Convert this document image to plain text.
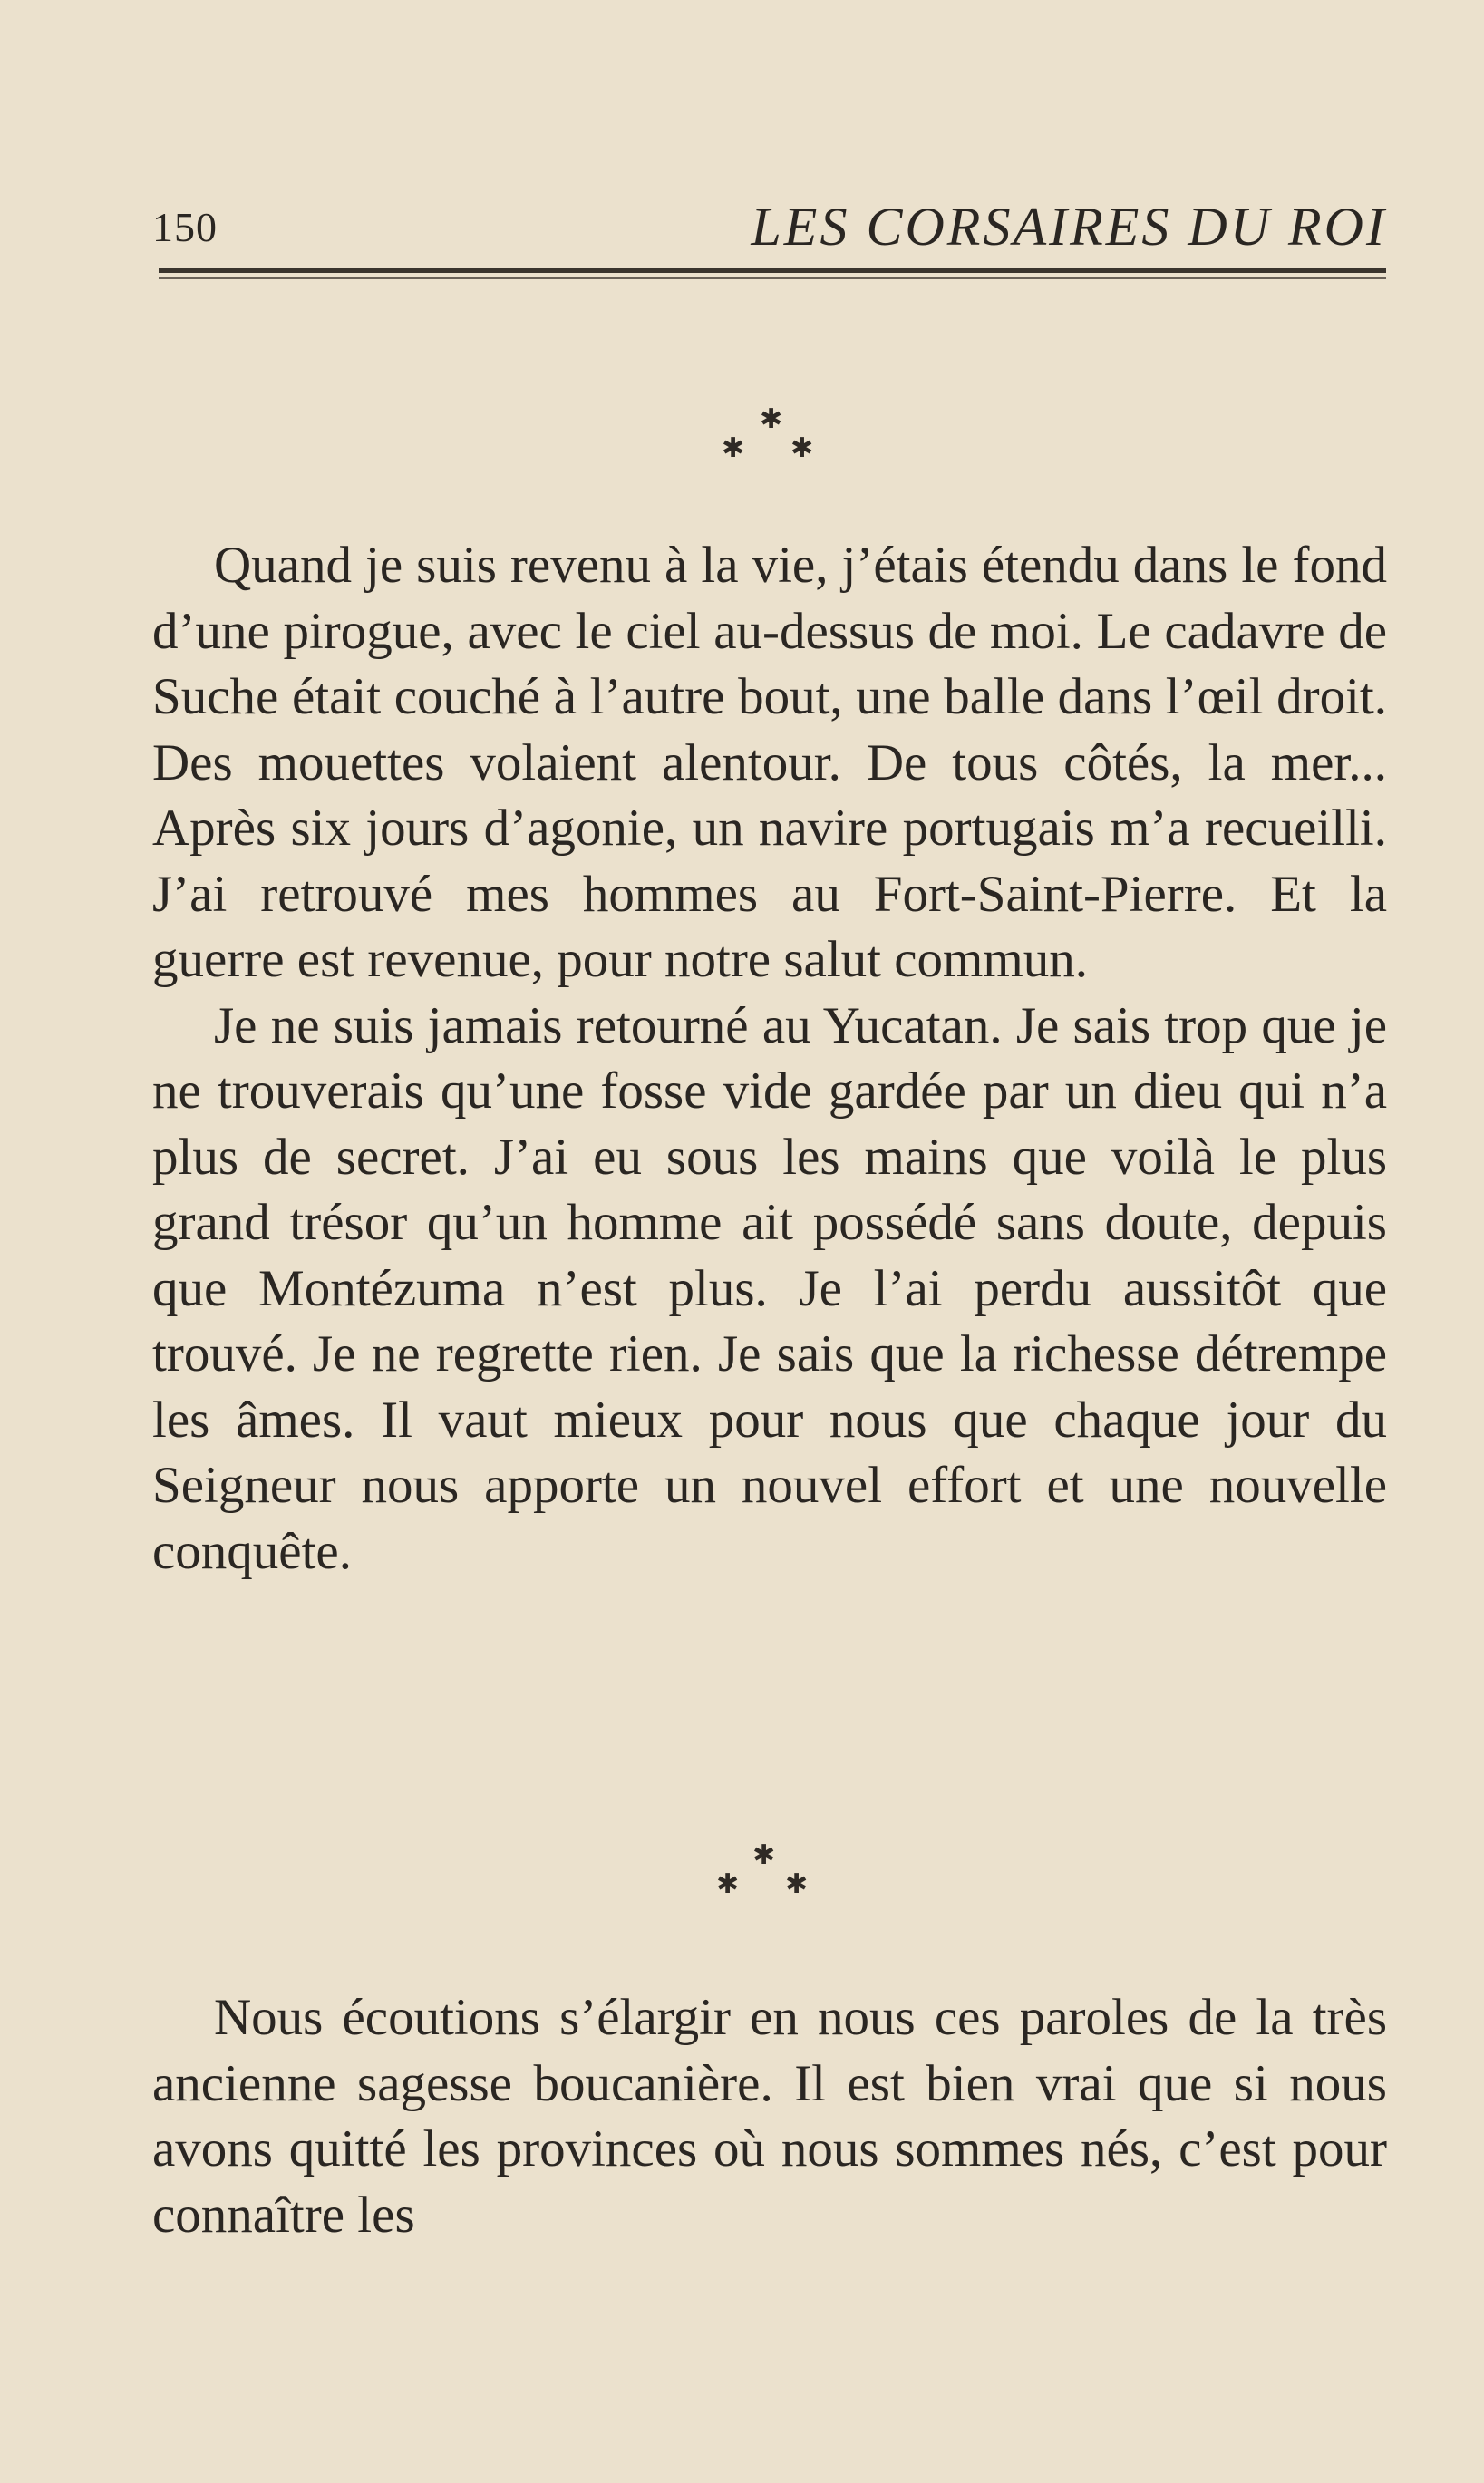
150	LES CORSAIRES DU ROI
✱
✱ ✱

Quand je suis revenu à la vie, j’étais étendu dans le fond d’une pirogue, avec le ciel au-dessus de moi. Le cadavre de Suche était couché à l’autre bout, une balle dans l’œil droit. Des mouettes volaient alentour. De tous côtés, la mer... Après six jours d’agonie, un navire portugais m’a recueilli. J’ai retrouvé mes hommes au Fort-Saint-Pierre. Et la guerre est revenue, pour notre salut commun.

Je ne suis jamais retourné au Yucatan. Je sais trop que je ne trouverais qu’une fosse vide gardée par un dieu qui n’a plus de secret. J’ai eu sous les mains que voilà le plus grand trésor qu’un homme ait possédé sans doute, depuis que Montézuma n’est plus. Je l’ai perdu aussitôt que trouvé. Je ne regrette rien. Je sais que la richesse détrempe les âmes. Il vaut mieux pour nous que chaque jour du Seigneur nous apporte un nouvel effort et une nouvelle conquête.

✱
✱ ✱

Nous écoutions s’élargir en nous ces paroles de la très ancienne sagesse boucanière. Il est bien vrai que si nous avons quitté les provinces où nous sommes nés, c’est pour connaître les
